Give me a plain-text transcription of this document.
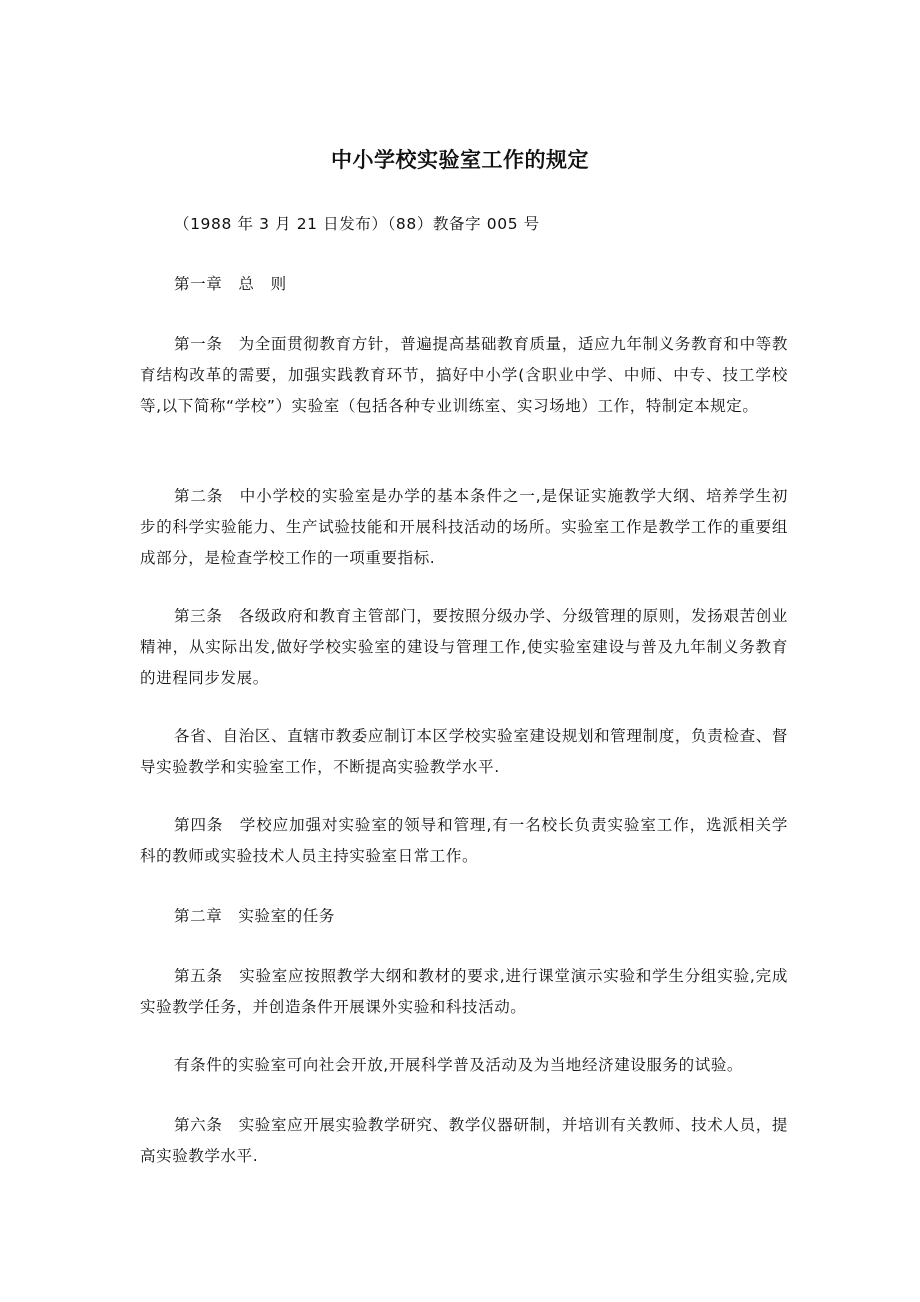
中小学校实验室工作的规定

（1988 年 3 月 21 日发布）（88）教备字 005 号

第一章　总　则

第一条　为全面贯彻教育方针，普遍提高基础教育质量，适应九年制义务教育和中等教育结构改革的需要，加强实践教育环节，搞好中小学(含职业中学、中师、中专、技工学校等,以下简称“学校”）实验室（包括各种专业训练室、实习场地）工作，特制定本规定。

第二条　中小学校的实验室是办学的基本条件之一,是保证实施教学大纲、培养学生初步的科学实验能力、生产试验技能和开展科技活动的场所。实验室工作是教学工作的重要组成部分，是检查学校工作的一项重要指标.

第三条　各级政府和教育主管部门，要按照分级办学、分级管理的原则，发扬艰苦创业精神，从实际出发,做好学校实验室的建设与管理工作,使实验室建设与普及九年制义务教育的进程同步发展。

各省、自治区、直辖市教委应制订本区学校实验室建设规划和管理制度，负责检查、督导实验教学和实验室工作，不断提高实验教学水平.

第四条　学校应加强对实验室的领导和管理,有一名校长负责实验室工作，选派相关学科的教师或实验技术人员主持实验室日常工作。

第二章　实验室的任务

第五条　实验室应按照教学大纲和教材的要求,进行课堂演示实验和学生分组实验,完成实验教学任务，并创造条件开展课外实验和科技活动。

有条件的实验室可向社会开放,开展科学普及活动及为当地经济建设服务的试验。

第六条　实验室应开展实验教学研究、教学仪器研制，并培训有关教师、技术人员，提高实验教学水平.
